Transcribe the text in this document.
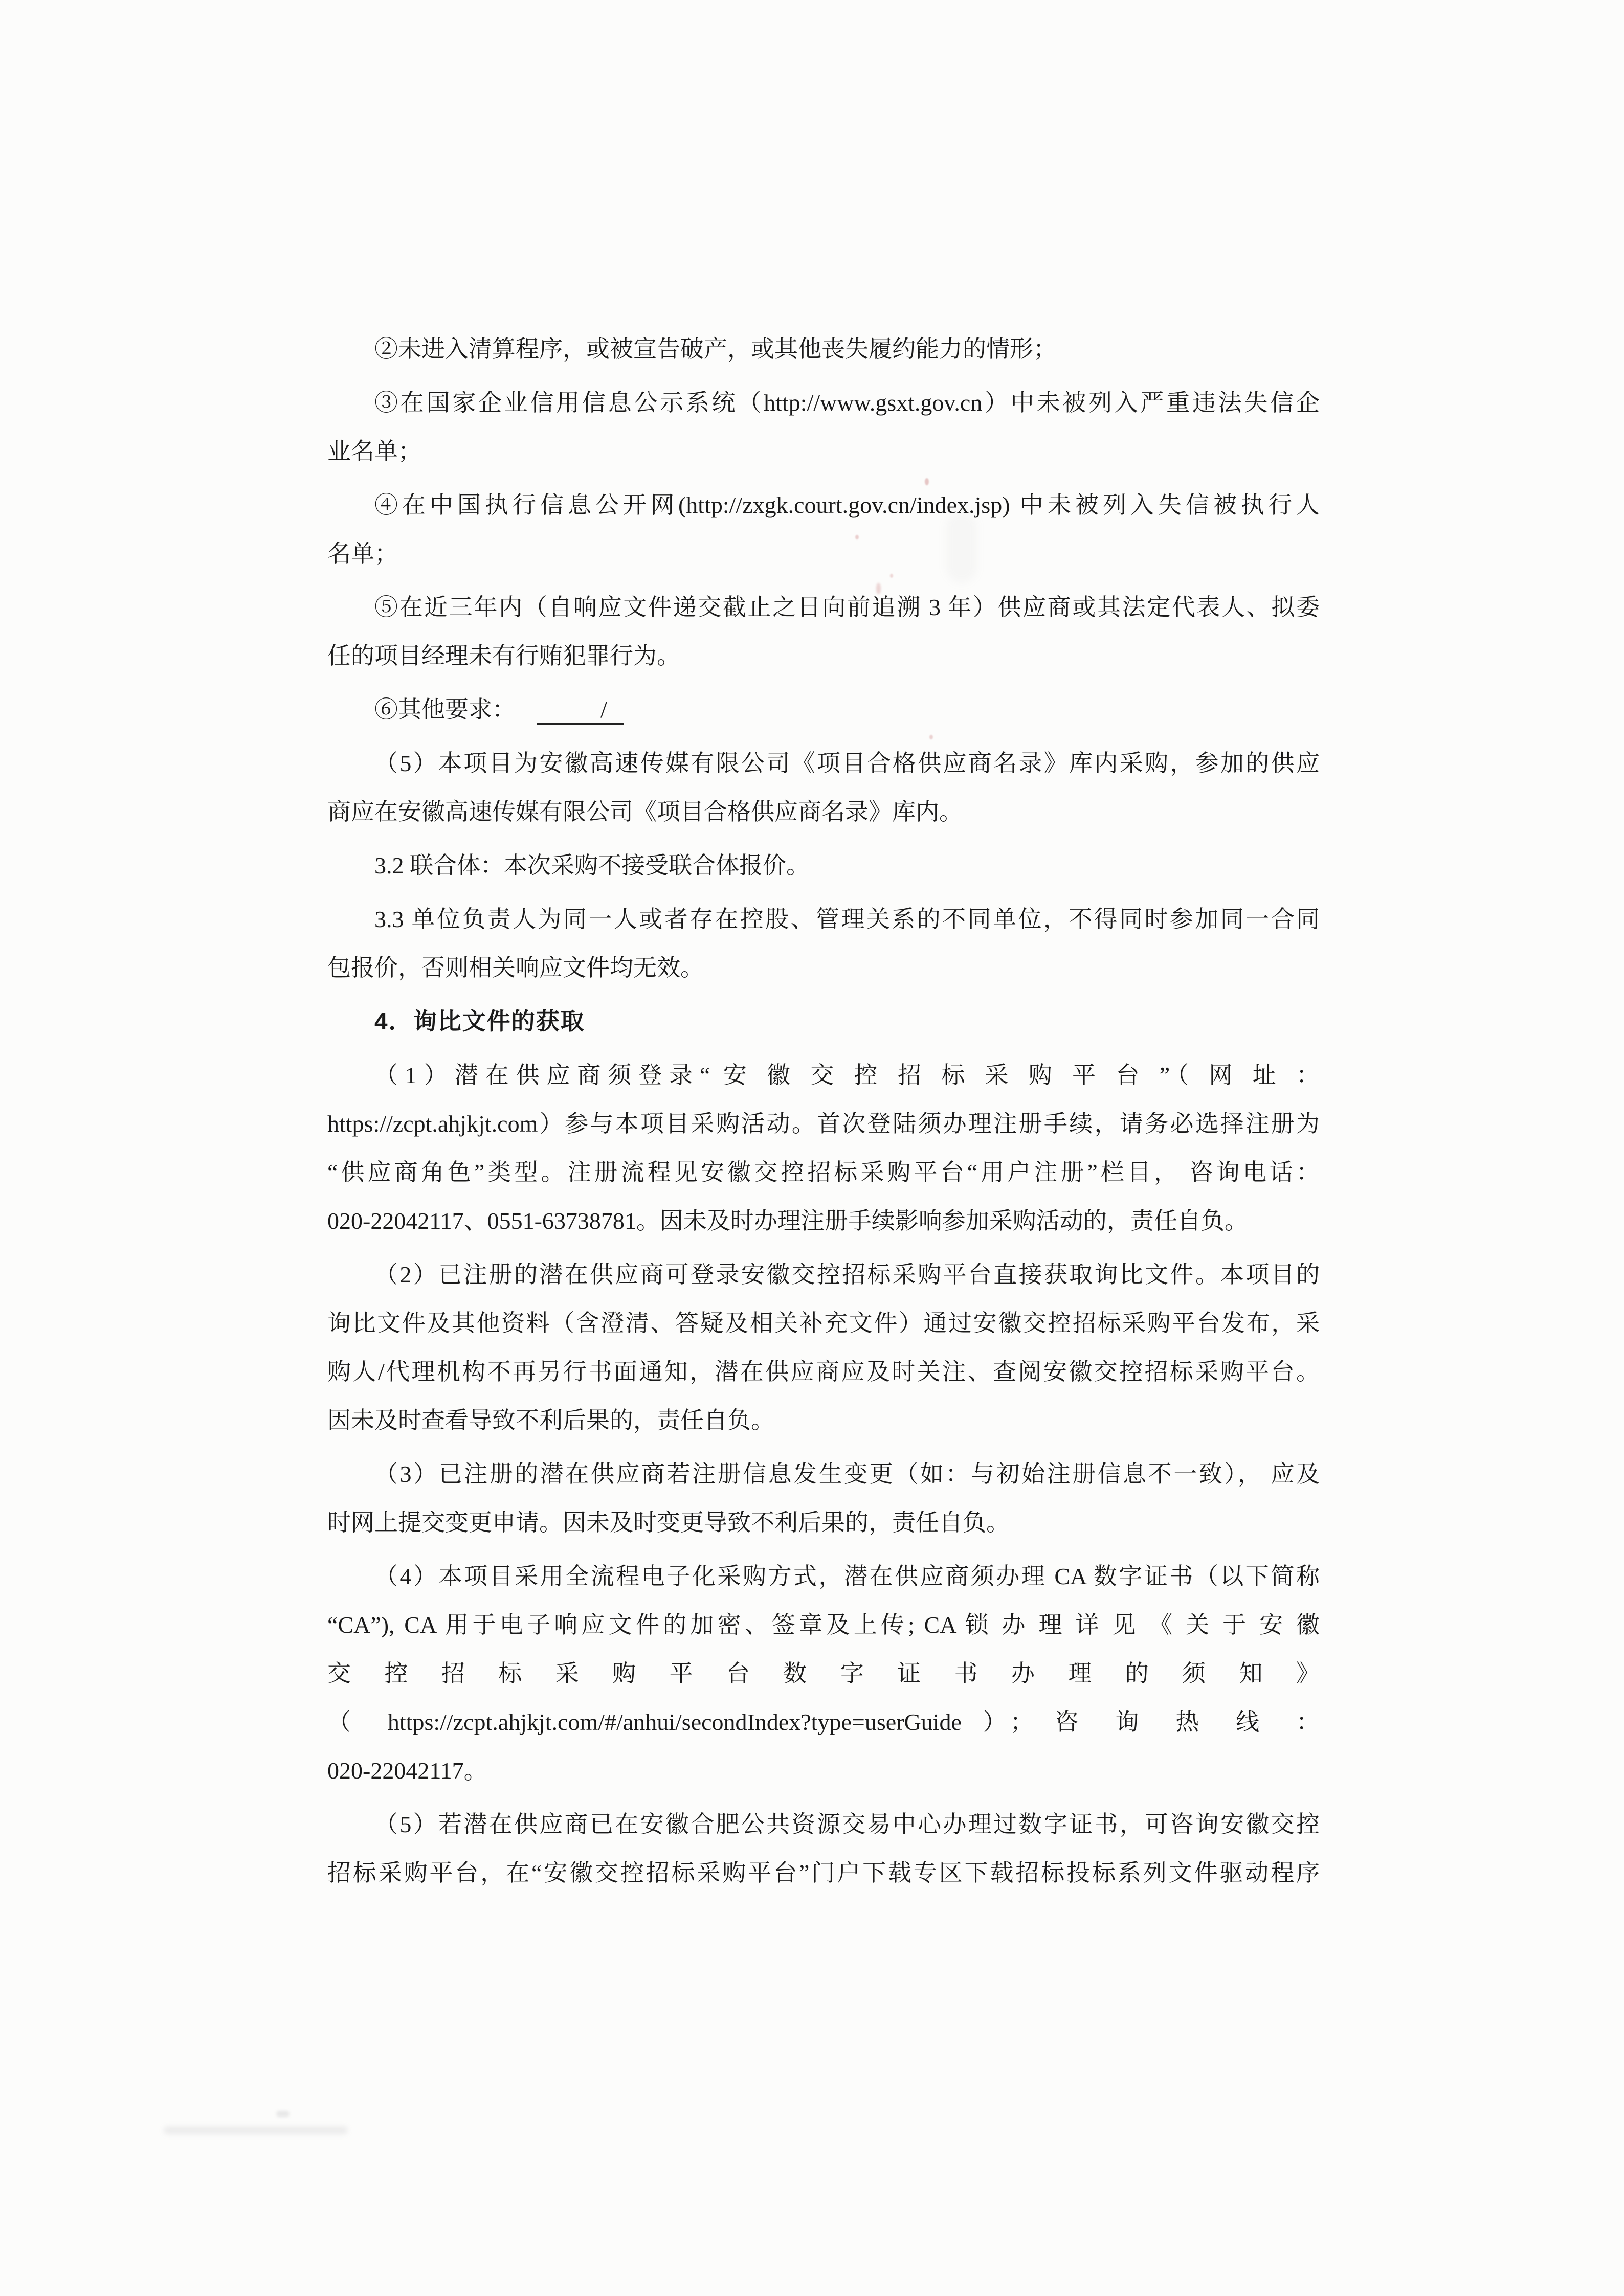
②未进入清算程序，或被宣告破产，或其他丧失履约能力的情形；
③在国家企业信用信息公示系统（http://www.gsxt.gov.cn）中未被列入严重违法失信企
业名单；
④在中国执行信息公开网(http://zxgk.court.gov.cn/index.jsp) 中未被列入失信被执行人
名单；
⑤在近三年内（自响应文件递交截止之日向前追溯 3 年）供应商或其法定代表人、拟委
任的项目经理未有行贿犯罪行为。
⑥其他要求：	/
（5）本项目为安徽高速传媒有限公司《项目合格供应商名录》库内采购，参加的供应
商应在安徽高速传媒有限公司《项目合格供应商名录》库内。
3.2 联合体：本次采购不接受联合体报价。
3.3 单位负责人为同一人或者存在控股、管理关系的不同单位，不得同时参加同一合同
包报价，否则相关响应文件均无效。
4．询比文件的获取
（1）潜在供应商须登录“ 安 徽 交 控 招 标 采 购 平 台 ”（ 网 址 ：
https://zcpt.ahjkjt.com）参与本项目采购活动。首次登陆须办理注册手续，请务必选择注册为
“供应商角色”类型。注册流程见安徽交控招标采购平台“用户注册”栏目， 咨询电话：
020-22042117、0551-63738781。因未及时办理注册手续影响参加采购活动的，责任自负。
（2）已注册的潜在供应商可登录安徽交控招标采购平台直接获取询比文件。本项目的
询比文件及其他资料（含澄清、答疑及相关补充文件）通过安徽交控招标采购平台发布，采
购人/代理机构不再另行书面通知，潜在供应商应及时关注、查阅安徽交控招标采购平台。
因未及时查看导致不利后果的，责任自负。
（3）已注册的潜在供应商若注册信息发生变更（如：与初始注册信息不一致）， 应及
时网上提交变更申请。因未及时变更导致不利后果的，责任自负。
（4）本项目采用全流程电子化采购方式，潜在供应商须办理 CA 数字证书（以下简称
“CA”), CA 用于电子响应文件的加密、签章及上传; CA 锁 办 理 详 见 《 关 于 安 徽
交 控 招 标 采 购 平 台 数 字 证 书 办 理 的 须 知 》
（ https://zcpt.ahjkjt.com/#/anhui/secondIndex?type=userGuide ）； 咨 询 热 线 ：
020-22042117。
（5）若潜在供应商已在安徽合肥公共资源交易中心办理过数字证书，可咨询安徽交控
招标采购平台，在“安徽交控招标采购平台”门户下载专区下载招标投标系列文件驱动程序
